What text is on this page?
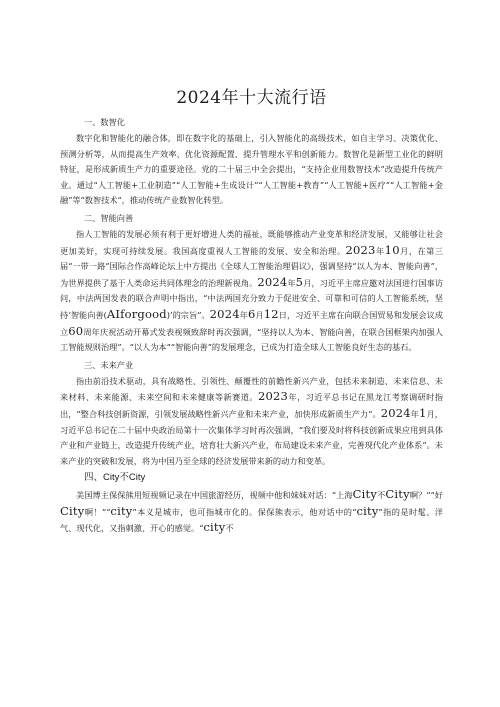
2024年十大流行语
一、数智化

数字化和智能化的融合体，即在数字化的基础上，引入智能化的高级技术，如自主学习、决策优化、预测分析等，从而提高生产效率、优化资源配置、提升管理水平和创新能力。数智化是新型工业化的鲜明特征，是形成新质生产力的重要途径。党的二十届三中全会提出，“支持企业用数智技术”改造提升传统产业。通过“人工智能+工业制造”“人工智能+生成设计”“人工智能+教育”“人工智能+医疗”“人工智能+金融”等“数智技术”，推动传统产业数智化转型。

二、智能向善

指人工智能的发展必须有利于更好增进人类的福祉，既能够推动产业变革和经济发展，又能够让社会更加美好，实现可持续发展。我国高度重视人工智能的发展、安全和治理。2023年10月，在第三届“一带一路”国际合作高峰论坛上中方提出《全球人工智能治理倡议》，强调坚持“以人为本、智能向善”，为世界提供了基于人类命运共同体理念的治理新视角。2024年5月，习近平主席应邀对法国进行国事访问，中法两国发表的联合声明中指出，“中法两国充分致力于促进安全、可靠和可信的人工智能系统，坚持‘智能向善(AIforgood)’的宗旨”。2024年6月12日，习近平主席在向联合国贸易和发展会议成立60周年庆祝活动开幕式发表视频致辞时再次强调，“坚持以人为本、智能向善，在联合国框架内加强人工智能规则治理”。“以人为本”“智能向善”的发展理念，已成为打造全球人工智能良好生态的基石。

三、未来产业

指由前沿技术驱动，具有战略性、引领性、颠覆性的前瞻性新兴产业，包括未来制造、未来信息、未来材料、未来能源、未来空间和未来健康等新赛道。2023年，习近平总书记在黑龙江考察调研时指出，“整合科技创新资源，引领发展战略性新兴产业和未来产业，加快形成新质生产力”。2024年1月，习近平总书记在二十届中央政治局第十一次集体学习时再次强调，“我们要及时将科技创新成果应用到具体产业和产业链上，改造提升传统产业，培育壮大新兴产业，布局建设未来产业，完善现代化产业体系”。未来产业的突破和发展，将为中国乃至全球的经济发展带来新的动力和变革。

四、City不City

美国博主保保熊用短视频记录在中国旅游经历，视频中他和妹妹对话：“上海City不City啊？”“好City啊！”“city”本义是城市，也可指城市化的。保保熊表示，他对话中的“city”指的是时髦、洋气、现代化，又指刺激、开心的感觉。“city不
